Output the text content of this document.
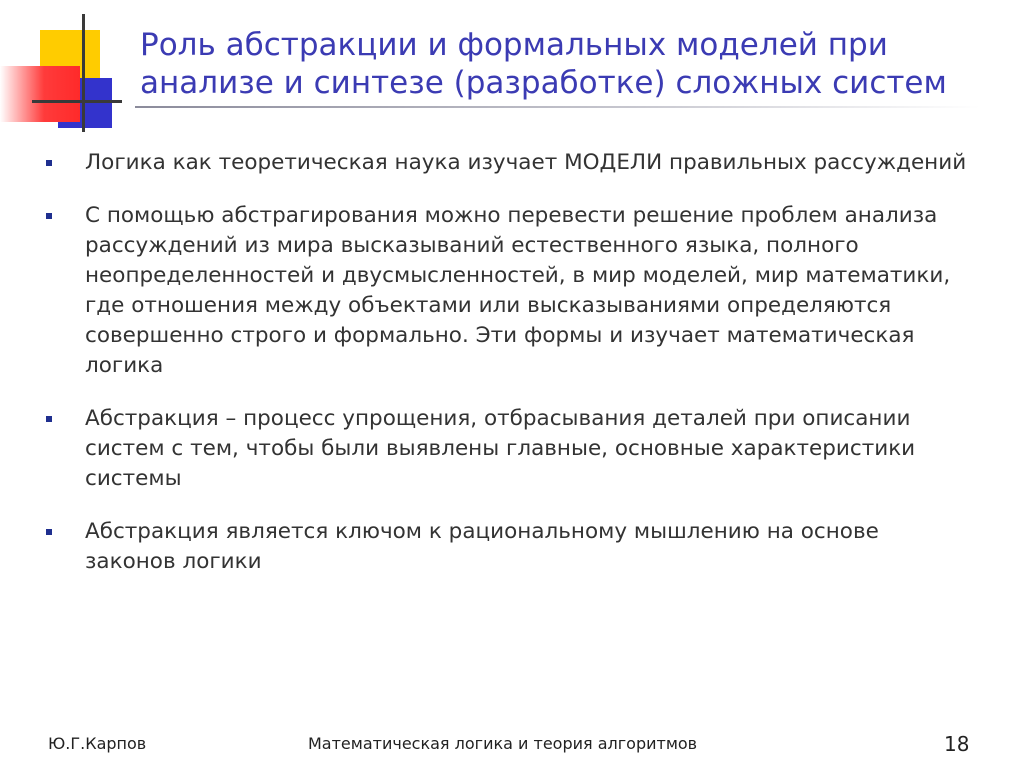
Роль абстракции и формальных моделей при
анализе и синтезе (разработке) сложных систем
Логика как теоретическая наука изучает МОДЕЛИ правильных рассуждений
С помощью абстрагирования можно перевести решение проблем анализа рассуждений из мира высказываний естественного языка, полного неопределенностей и двусмысленностей, в мир моделей, мир математики, где отношения между объектами или высказываниями определяются совершенно строго и формально. Эти формы и изучает математическая логика
Абстракция – процесс упрощения, отбрасывания деталей при описании систем с тем, чтобы были выявлены главные, основные характеристики системы
Абстракция является ключом к рациональному мышлению на основе законов логики
Ю.Г.Карпов	Математическая логика и теория алгоритмов	18
